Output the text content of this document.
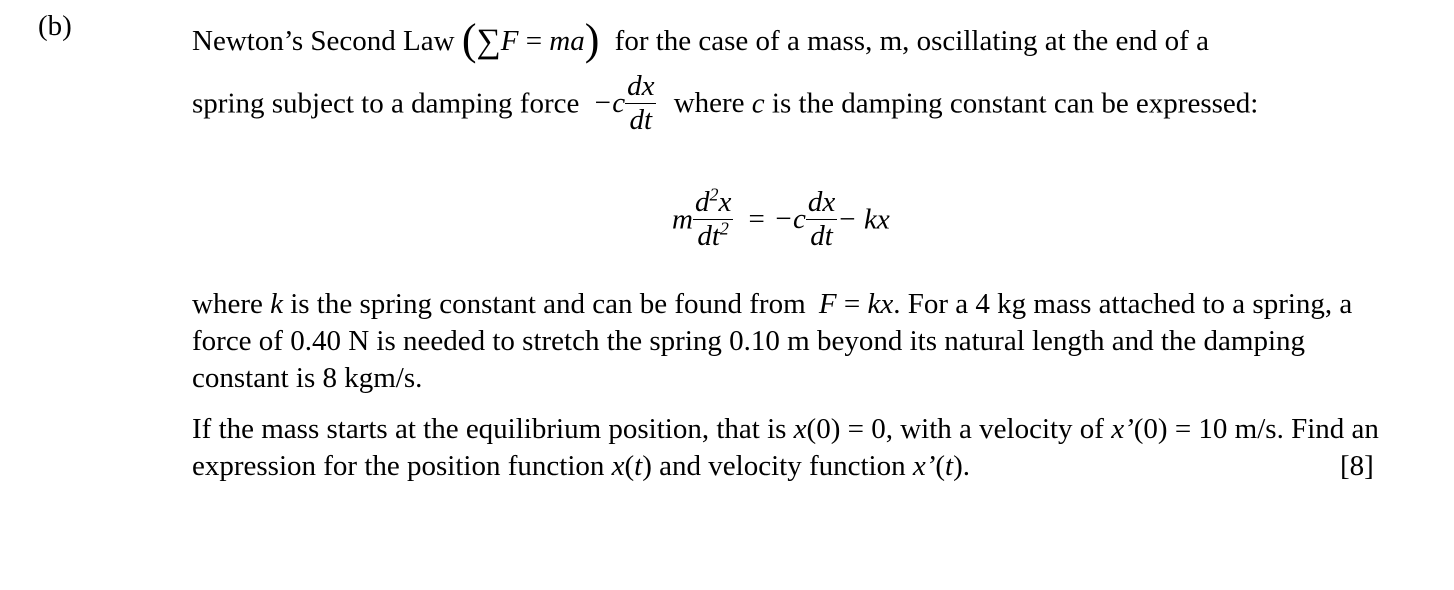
(b)	Newton’s Second Law (∑F = ma) for the case of a mass, m, oscillating at the end of a
spring subject to a damping force $-c \frac{dx}{dt}$ where c is the damping constant can be expressed:
m $\frac{d^2x}{dt^2} = -c \frac{dx}{dt}$ − kx
where k is the spring constant and can be found from F = kx. For a 4 kg mass attached to a spring, a force of 0.40 N is needed to stretch the spring 0.10 m beyond its natural length and the damping constant is 8 kgm/s.
If the mass starts at the equilibrium position, that is x(0) = 0, with a velocity of x’(0) = 10 m/s. Find an expression for the position function x(t) and velocity function x’(t).	[8]
